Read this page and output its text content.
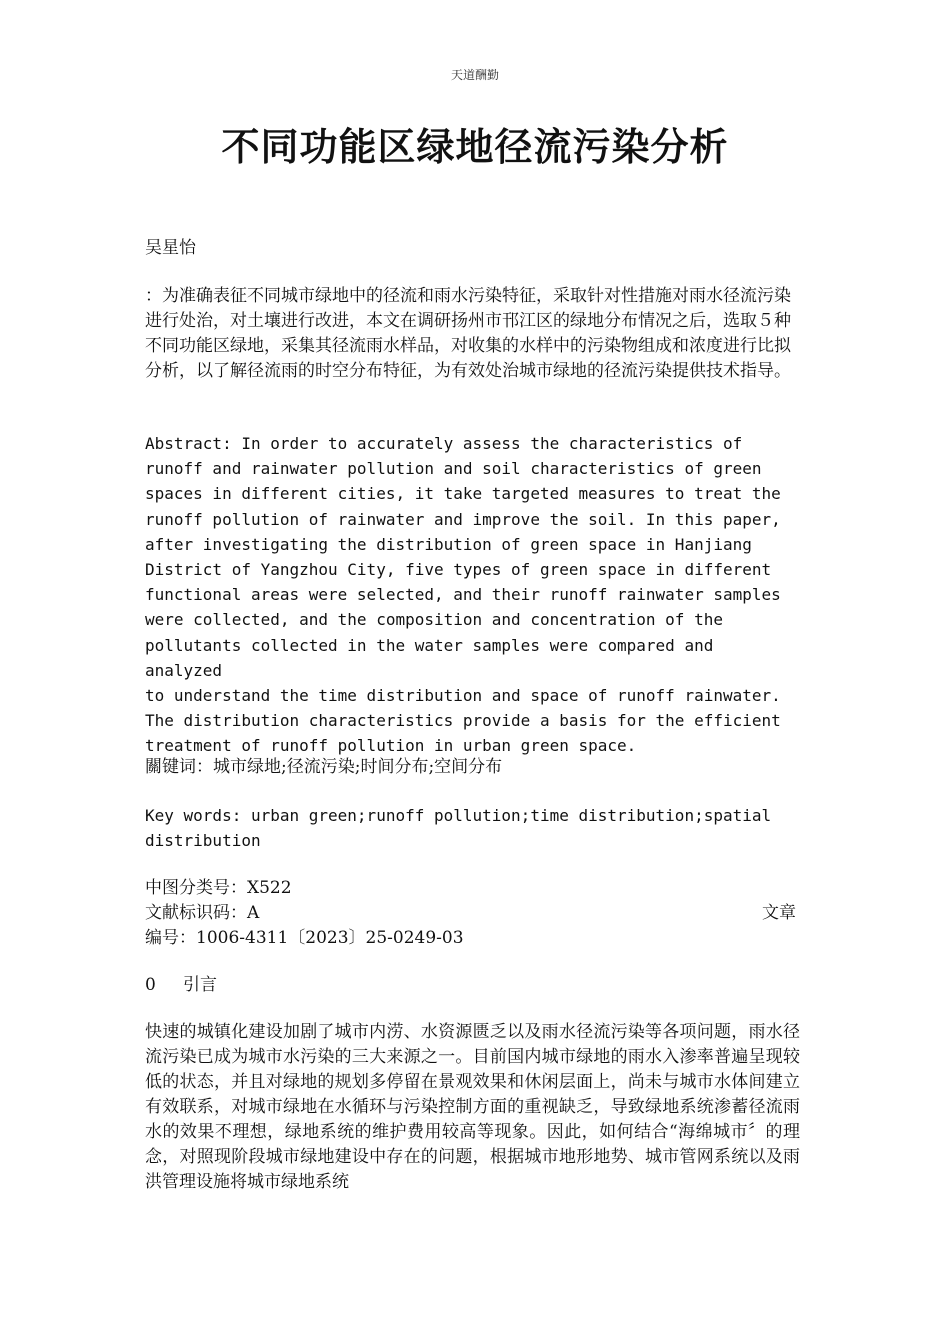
天道酬勤
不同功能区绿地径流污染分析
吴星怡
：为准确表征不同城市绿地中的径流和雨水污染特征，采取针对性措施对雨水径流污染进行处治，对土壤进行改进，本文在调研扬州市邗江区的绿地分布情况之后，选取５种不同功能区绿地，采集其径流雨水样品，对收集的水样中的污染物组成和浓度进行比拟分析，以了解径流雨的时空分布特征，为有效处治城市绿地的径流污染提供技术指导。
Abstract: In order to accurately assess the characteristics of
runoff and rainwater pollution and soil characteristics of green
spaces in different cities, it take targeted measures to treat the
runoff pollution of rainwater and improve the soil. In this paper,
after investigating the distribution of green space in Hanjiang
District of Yangzhou City, five types of green space in different
functional areas were selected, and their runoff rainwater samples
were collected, and the composition and concentration of the
pollutants collected in the water samples were compared and analyzed
to understand the time distribution and space of runoff rainwater.
The distribution characteristics provide a basis for the efficient
treatment of runoff pollution in urban green space.
關键词：城市绿地;径流污染;时间分布;空间分布
Key words: urban green;runoff pollution;time distribution;spatial distribution
中图分类号：X522
文献标识码：A	文章
编号：1006-4311〔2023〕25-0249-03
0 引言
快速的城镇化建设加剧了城市内涝、水资源匮乏以及雨水径流污染等各项问题，雨水径流污染已成为城市水污染的三大来源之一。目前国内城市绿地的雨水入渗率普遍呈现较低的状态，并且对绿地的规划多停留在景观效果和休闲层面上，尚未与城市水体间建立有效联系，对城市绿地在水循环与污染控制方面的重视缺乏，导致绿地系统渗蓄径流雨水的效果不理想，绿地系统的维护费用较高等现象。因此，如何结合“海绵城市〞的理念，对照现阶段城市绿地建设中存在的问题，根据城市地形地势、城市管网系统以及雨洪管理设施将城市绿地系统
